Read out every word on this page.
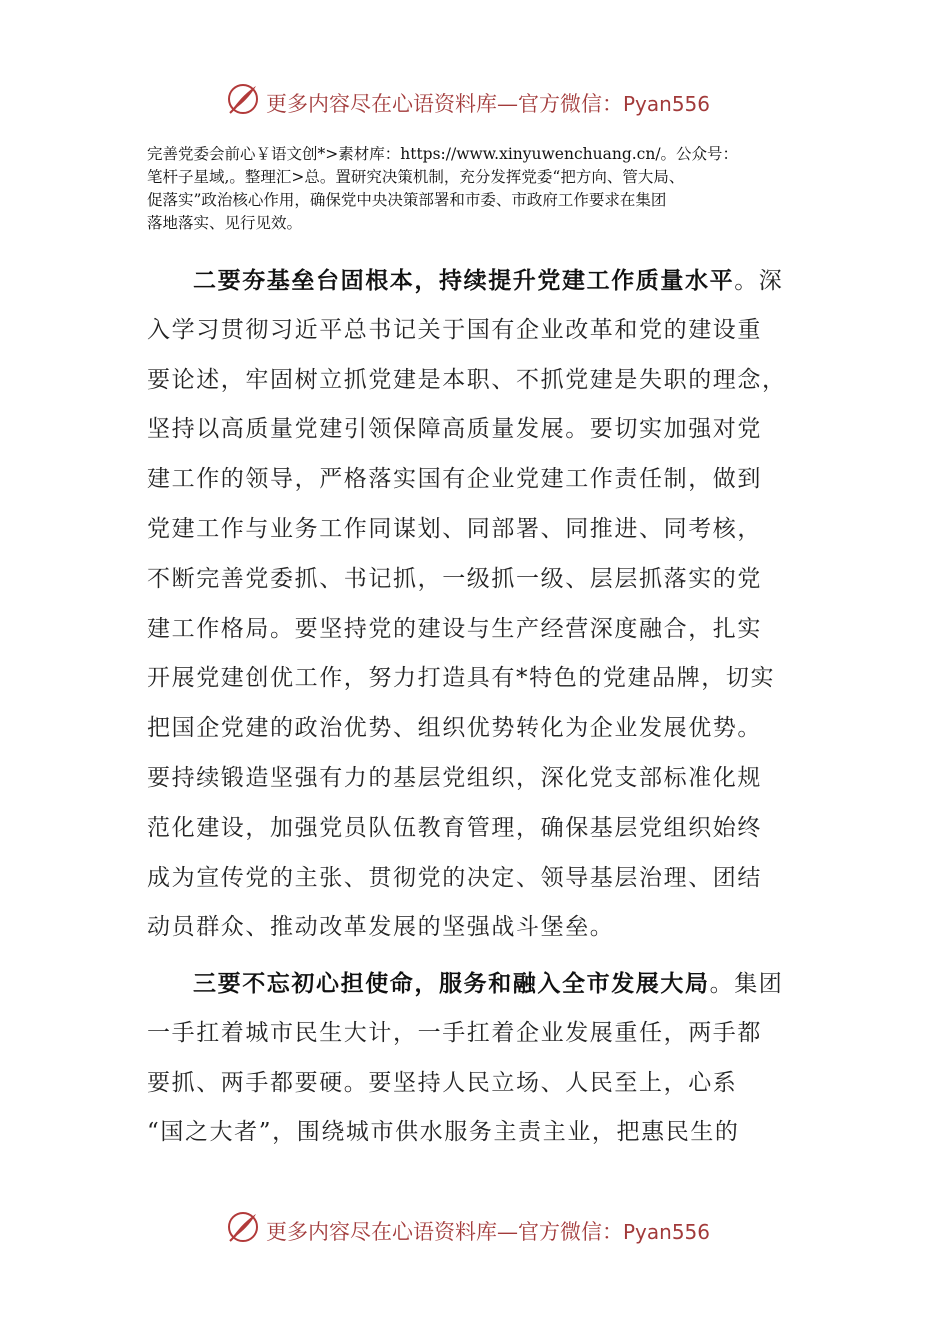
更多内容尽在心语资料库—官方微信：Pyan556

完善党委会前心￥语文创*>素材库：https://www.xinyuwenchuang.cn/。公众号：

笔杆子星域,。整理汇>总。置研究决策机制，充分发挥党委“把方向、管大局、

促落实”政治核心作用，确保党中央决策部署和市委、市政府工作要求在集团

落地落实、见行见效。

二要夯基垒台固根本，持续提升党建工作质量水平。深
入学习贯彻习近平总书记关于国有企业改革和党的建设重
要论述，牢固树立抓党建是本职、不抓党建是失职的理念，
坚持以高质量党建引领保障高质量发展。要切实加强对党
建工作的领导，严格落实国有企业党建工作责任制，做到
党建工作与业务工作同谋划、同部署、同推进、同考核，
不断完善党委抓、书记抓，一级抓一级、层层抓落实的党
建工作格局。要坚持党的建设与生产经营深度融合，扎实
开展党建创优工作，努力打造具有*特色的党建品牌，切实
把国企党建的政治优势、组织优势转化为企业发展优势。
要持续锻造坚强有力的基层党组织，深化党支部标准化规
范化建设，加强党员队伍教育管理，确保基层党组织始终
成为宣传党的主张、贯彻党的决定、领导基层治理、团结
动员群众、推动改革发展的坚强战斗堡垒。
三要不忘初心担使命，服务和融入全市发展大局。集团
一手扛着城市民生大计，一手扛着企业发展重任，两手都
要抓、两手都要硬。要坚持人民立场、人民至上，心系
“国之大者”，围绕城市供水服务主责主业，把惠民生的
更多内容尽在心语资料库—官方微信：Pyan556
